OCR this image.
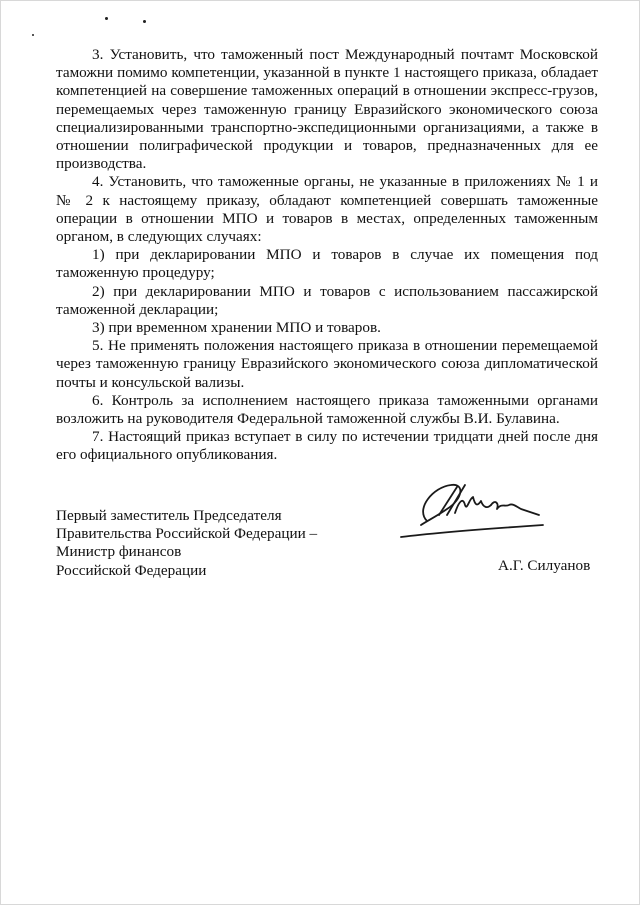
3. Установить, что таможенный пост Международный почтамт Московской таможни помимо компетенции, указанной в пункте 1 настоящего приказа, обладает компетенцией на совершение таможенных операций в отношении экспресс-грузов, перемещаемых через таможенную границу Евразийского экономического союза специализированными транспортно-экспедиционными организациями, а также в отношении полиграфической продукции и товаров, предназначенных для ее производства.

4. Установить, что таможенные органы, не указанные в приложениях № 1 и № 2 к настоящему приказу, обладают компетенцией совершать таможенные операции в отношении МПО и товаров в местах, определенных таможенным органом, в следующих случаях:

1) при декларировании МПО и товаров в случае их помещения под таможенную процедуру;

2) при декларировании МПО и товаров с использованием пассажирской таможенной декларации;

3) при временном хранении МПО и товаров.

5. Не применять положения настоящего приказа в отношении перемещаемой через таможенную границу Евразийского экономического союза дипломатической почты и консульской вализы.

6. Контроль за исполнением настоящего приказа таможенными органами возложить на руководителя Федеральной таможенной службы В.И. Булавина.

7. Настоящий приказ вступает в силу по истечении тридцати дней после дня его официального опубликования.

Первый заместитель Председателя
Правительства Российской Федерации –
Министр финансов
Российской Федерации	А.Г. Силуанов
